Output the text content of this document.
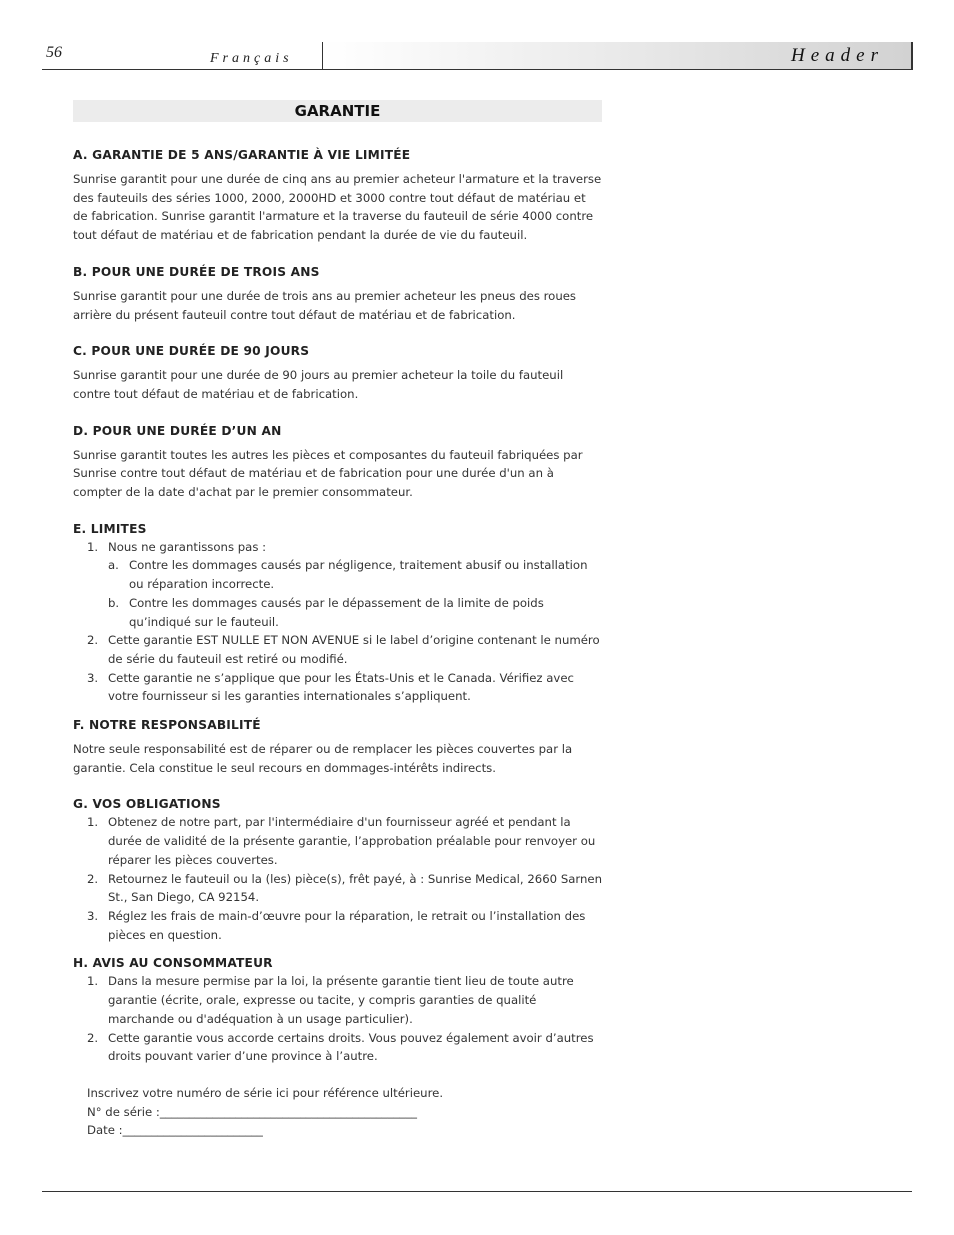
56	Français	Header
GARANTIE
A. GARANTIE DE 5 ANS/GARANTIE À VIE LIMITÉE

Sunrise garantit pour une durée de cinq ans au premier acheteur l'armature et la traverse des fauteuils des séries 1000, 2000, 2000HD et 3000 contre tout défaut de matériau et de fabrication. Sunrise garantit l'armature et la traverse du fauteuil de série 4000 contre tout défaut de matériau et de fabrication pendant la durée de vie du fauteuil.

B. POUR UNE DURÉE DE TROIS ANS

Sunrise garantit pour une durée de trois ans au premier acheteur les pneus des roues arrière du présent fauteuil contre tout défaut de matériau et de fabrication.

C. POUR UNE DURÉE DE 90 JOURS

Sunrise garantit pour une durée de 90 jours au premier acheteur la toile du fauteuil contre tout défaut de matériau et de fabrication.

D. POUR UNE DURÉE D’UN AN

Sunrise garantit toutes les autres les pièces et composantes du fauteuil fabriquées par Sunrise contre tout défaut de matériau et de fabrication pour une durée d'un an à compter de la date d'achat par le premier consommateur.

E. LIMITES
1. Nous ne garantissons pas :
a. Contre les dommages causés par négligence, traitement abusif ou installation ou réparation incorrecte.
b. Contre les dommages causés par le dépassement de la limite de poids qu’indiqué sur le fauteuil.
2. Cette garantie EST NULLE ET NON AVENUE si le label d’origine contenant le numéro de série du fauteuil est retiré ou modifié.
3. Cette garantie ne s’applique que pour les États-Unis et le Canada. Vérifiez avec votre fournisseur si les garanties internationales s’appliquent.
F. NOTRE RESPONSABILITÉ

Notre seule responsabilité est de réparer ou de remplacer les pièces couvertes par la garantie. Cela constitue le seul recours en dommages-intérêts indirects.

G. VOS OBLIGATIONS
1. Obtenez de notre part, par l'intermédiaire d'un fournisseur agréé et pendant la durée de validité de la présente garantie, l’approbation préalable pour renvoyer ou réparer les pièces couvertes.
2. Retournez le fauteuil ou la (les) pièce(s), frêt payé, à : Sunrise Medical, 2660 Sarnen St., San Diego, CA 92154.
3. Réglez les frais de main-d’œuvre pour la réparation, le retrait ou l’installation des pièces en question.
H. AVIS AU CONSOMMATEUR
1. Dans la mesure permise par la loi, la présente garantie tient lieu de toute autre garantie (écrite, orale, expresse ou tacite, y compris garanties de qualité marchande ou d'adéquation à un usage particulier).
2. Cette garantie vous accorde certains droits. Vous pouvez également avoir d’autres droits pouvant varier d’une province à l’autre.
Inscrivez votre numéro de série ici pour référence ultérieure.
N° de série :____________________________________________
Date :________________________
